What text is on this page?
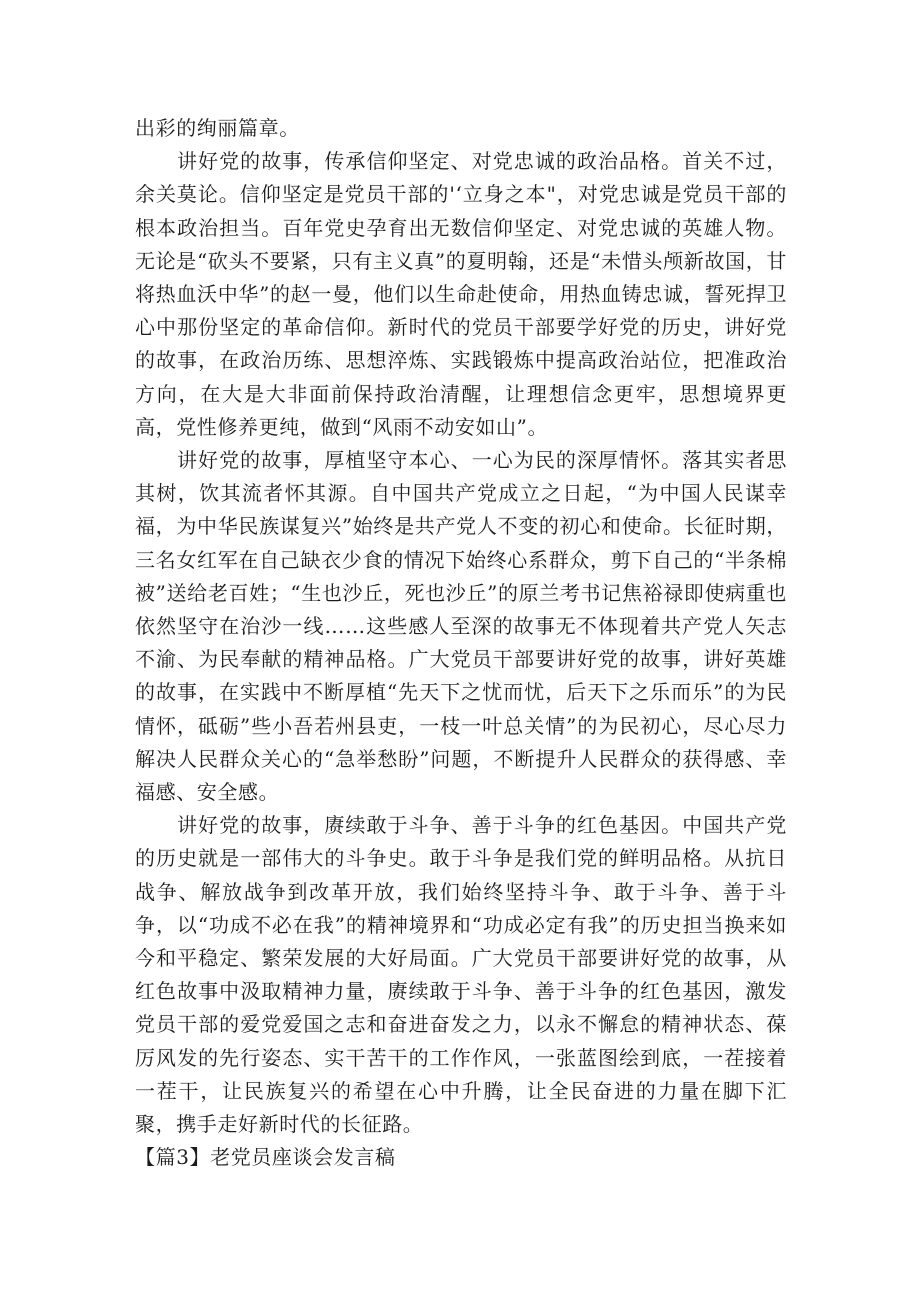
出彩的绚丽篇章。

讲好党的故事，传承信仰坚定、对党忠诚的政治品格。首关不过，余关莫论。信仰坚定是党员干部的'‘立身之本"，对党忠诚是党员干部的根本政治担当。百年党史孕育出无数信仰坚定、对党忠诚的英雄人物。无论是“砍头不要紧，只有主义真”的夏明翰，还是“未惜头颅新故国，甘将热血沃中华”的赵一曼，他们以生命赴使命，用热血铸忠诚，誓死捍卫心中那份坚定的革命信仰。新时代的党员干部要学好党的历史，讲好党的故事，在政治历练、思想淬炼、实践锻炼中提高政治站位，把准政治方向，在大是大非面前保持政治清醒，让理想信念更牢，思想境界更高，党性修养更纯，做到“风雨不动安如山”。

讲好党的故事，厚植坚守本心、一心为民的深厚情怀。落其实者思其树，饮其流者怀其源。自中国共产党成立之日起，“为中国人民谋幸福，为中华民族谋复兴”始终是共产党人不变的初心和使命。长征时期，三名女红军在自己缺衣少食的情况下始终心系群众，剪下自己的“半条棉被”送给老百姓；“生也沙丘，死也沙丘”的原兰考书记焦裕禄即使病重也依然坚守在治沙一线……这些感人至深的故事无不体现着共产党人矢志不渝、为民奉献的精神品格。广大党员干部要讲好党的故事，讲好英雄的故事，在实践中不断厚植“先天下之忧而忧，后天下之乐而乐”的为民情怀，砥砺”些小吾若州县吏，一枝一叶总关情”的为民初心，尽心尽力解决人民群众关心的“急举愁盼”问题，不断提升人民群众的获得感、幸福感、安全感。

讲好党的故事，赓续敢于斗争、善于斗争的红色基因。中国共产党的历史就是一部伟大的斗争史。敢于斗争是我们党的鲜明品格。从抗日战争、解放战争到改革开放，我们始终坚持斗争、敢于斗争、善于斗争，以“功成不必在我”的精神境界和“功成必定有我”的历史担当换来如今和平稳定、繁荣发展的大好局面。广大党员干部要讲好党的故事，从红色故事中汲取精神力量，赓续敢于斗争、善于斗争的红色基因，激发党员干部的爱党爱国之志和奋进奋发之力，以永不懈怠的精神状态、葆厉风发的先行姿态、实干苦干的工作作风，一张蓝图绘到底，一茬接着一茬干，让民族复兴的希望在心中升腾，让全民奋进的力量在脚下汇聚，携手走好新时代的长征路。

【篇3】老党员座谈会发言稿
